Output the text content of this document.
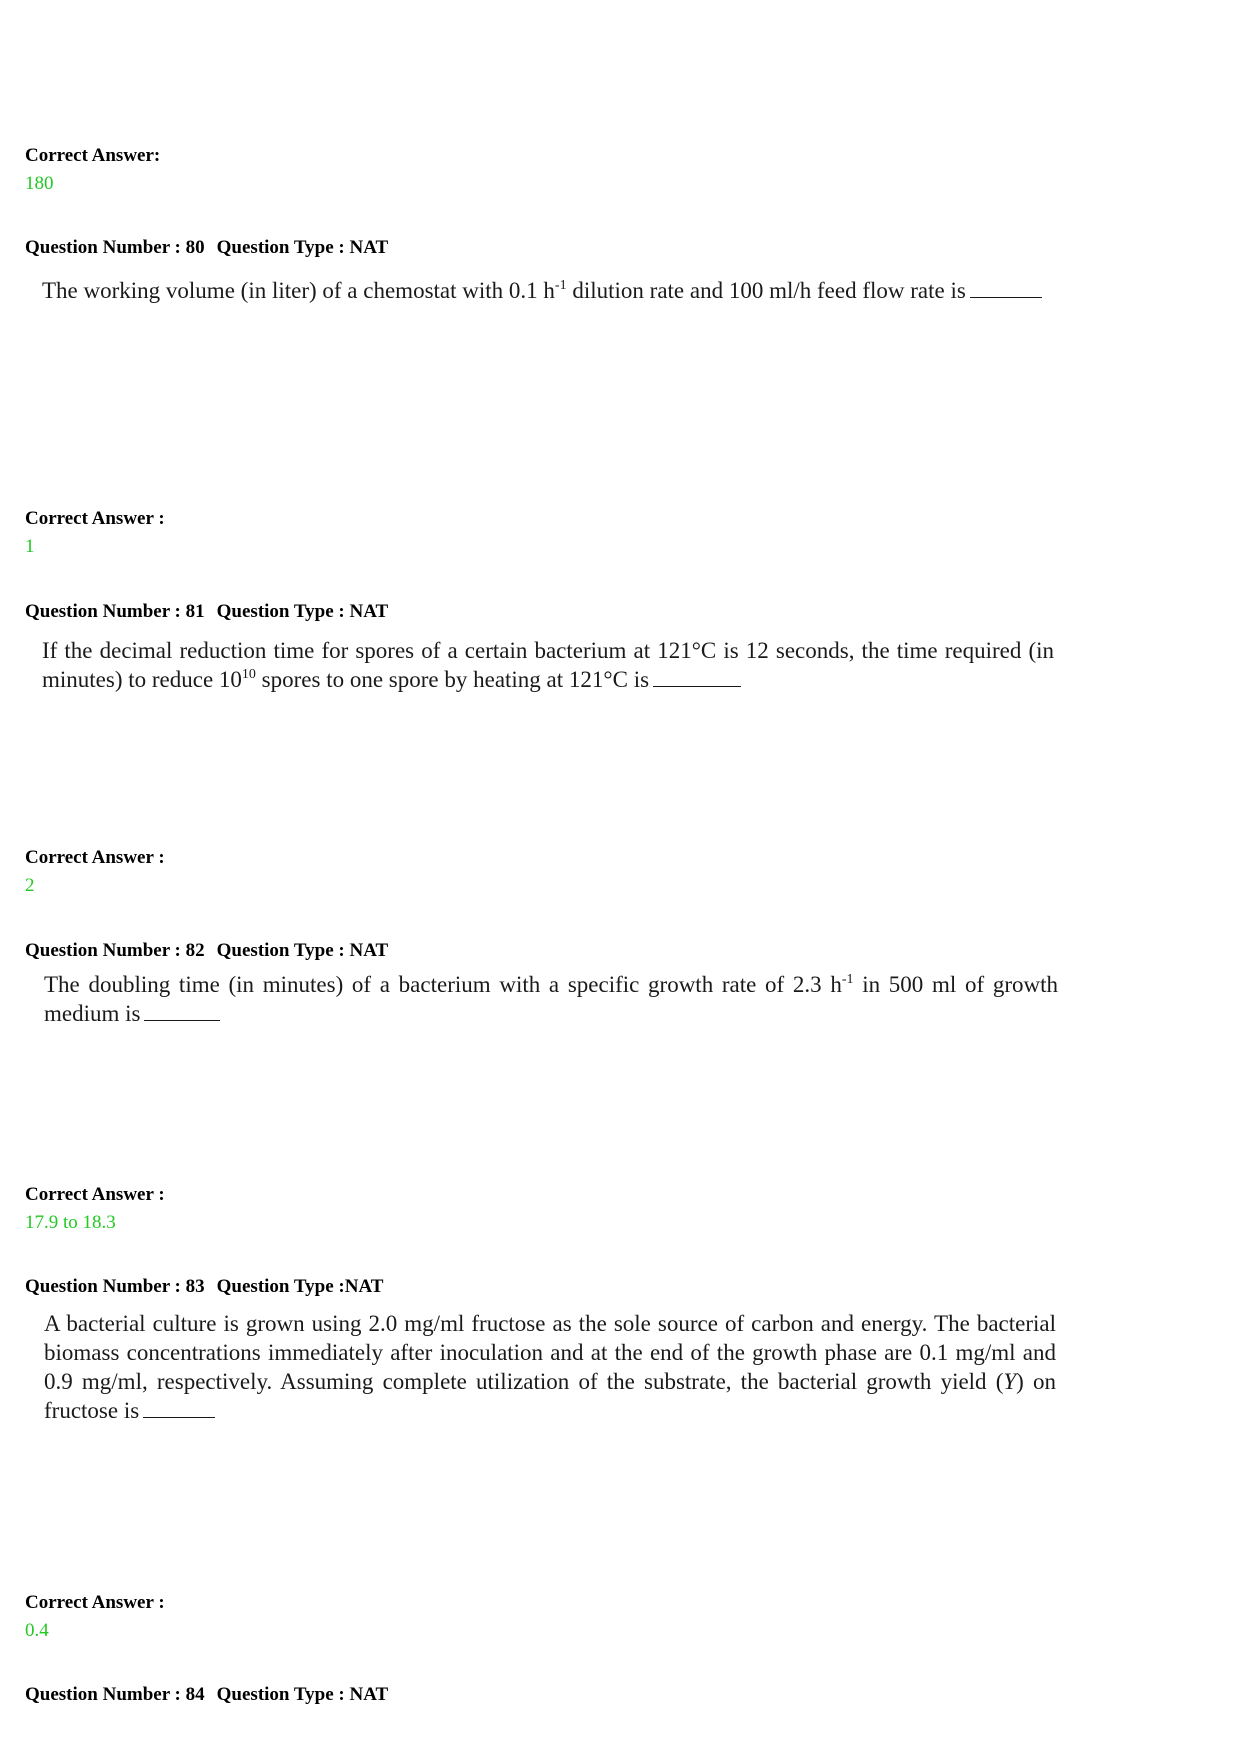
Correct Answer:
180
Question Number : 80 Question Type : NAT
The working volume (in liter) of a chemostat with 0.1 $h^{-1}$ dilution rate and 100 ml/h feed flow rate is
Correct Answer :
1
Question Number : 81 Question Type : NAT
If the decimal reduction time for spores of a certain bacterium at 121°C is 12 seconds, the time required (in minutes) to reduce $10^{10}$ spores to one spore by heating at 121°C is
Correct Answer :
2
Question Number : 82 Question Type : NAT
The doubling time (in minutes) of a bacterium with a specific growth rate of 2.3 $h^{-1}$ in 500 ml of growth medium is
Correct Answer :
17.9 to 18.3
Question Number : 83 Question Type :NAT
A bacterial culture is grown using 2.0 mg/ml fructose as the sole source of carbon and energy. The bacterial biomass concentrations immediately after inoculation and at the end of the growth phase are 0.1 mg/ml and 0.9 mg/ml, respectively. Assuming complete utilization of the substrate, the bacterial growth yield (Y) on fructose is
Correct Answer :
0.4
Question Number : 84 Question Type : NAT
